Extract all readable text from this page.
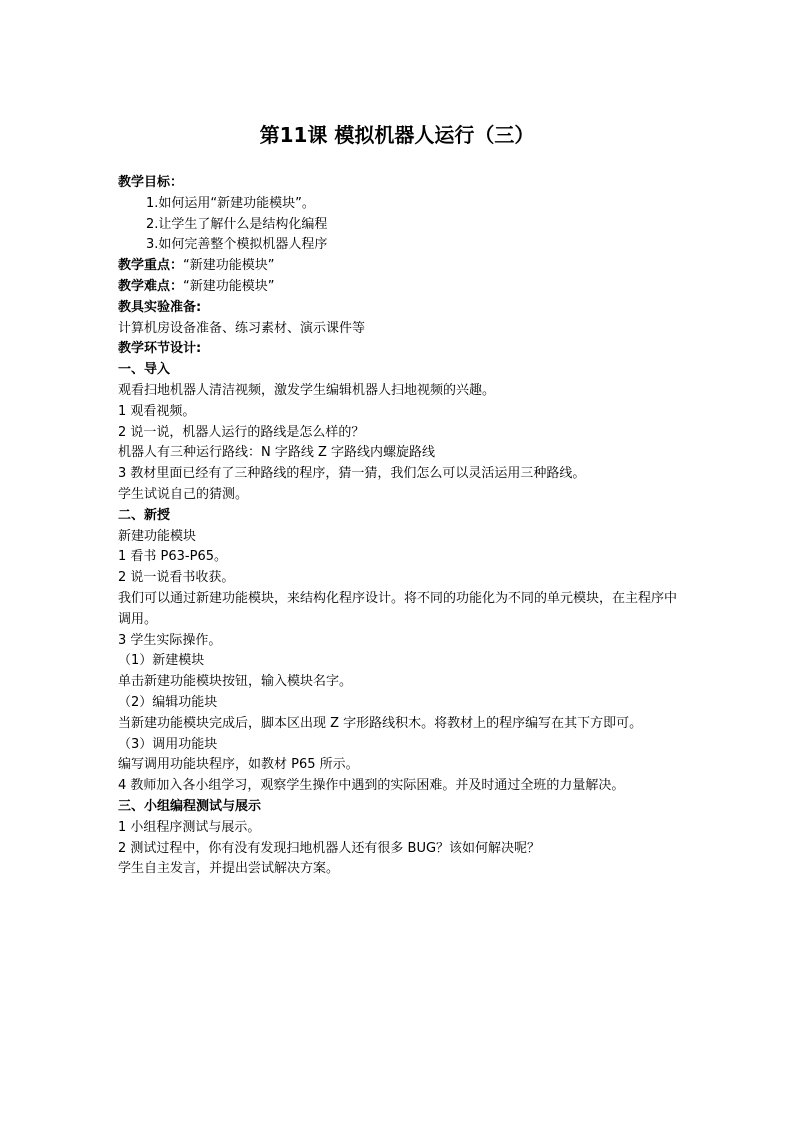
第11课 模拟机器人运行（三）
教学目标：
1.如何运用“新建功能模块”。
2.让学生了解什么是结构化编程
3.如何完善整个模拟机器人程序
教学重点：“新建功能模块”
教学难点：“新建功能模块”
教具实验准备:
计算机房设备准备、练习素材、演示课件等
教学环节设计:
一、导入
观看扫地机器人清洁视频，激发学生编辑机器人扫地视频的兴趣。
1 观看视频。
2 说一说，机器人运行的路线是怎么样的？
机器人有三种运行路线：N 字路线 Z 字路线内螺旋路线
3 教材里面已经有了三种路线的程序，猜一猜，我们怎么可以灵活运用三种路线。
学生试说自己的猜测。
二、新授
新建功能模块
1 看书 P63-P65。
2 说一说看书收获。
我们可以通过新建功能模块，来结构化程序设计。将不同的功能化为不同的单元模块，在主程序中调用。
3 学生实际操作。
（1）新建模块
单击新建功能模块按钮，输入模块名字。
（2）编辑功能块
当新建功能模块完成后，脚本区出现 Z 字形路线积木。将教材上的程序编写在其下方即可。
（3）调用功能块
编写调用功能块程序，如教材 P65 所示。
4 教师加入各小组学习，观察学生操作中遇到的实际困难。并及时通过全班的力量解决。
三、小组编程测试与展示
1 小组程序测试与展示。
2 测试过程中，你有没有发现扫地机器人还有很多 BUG？该如何解决呢？
学生自主发言，并提出尝试解决方案。
